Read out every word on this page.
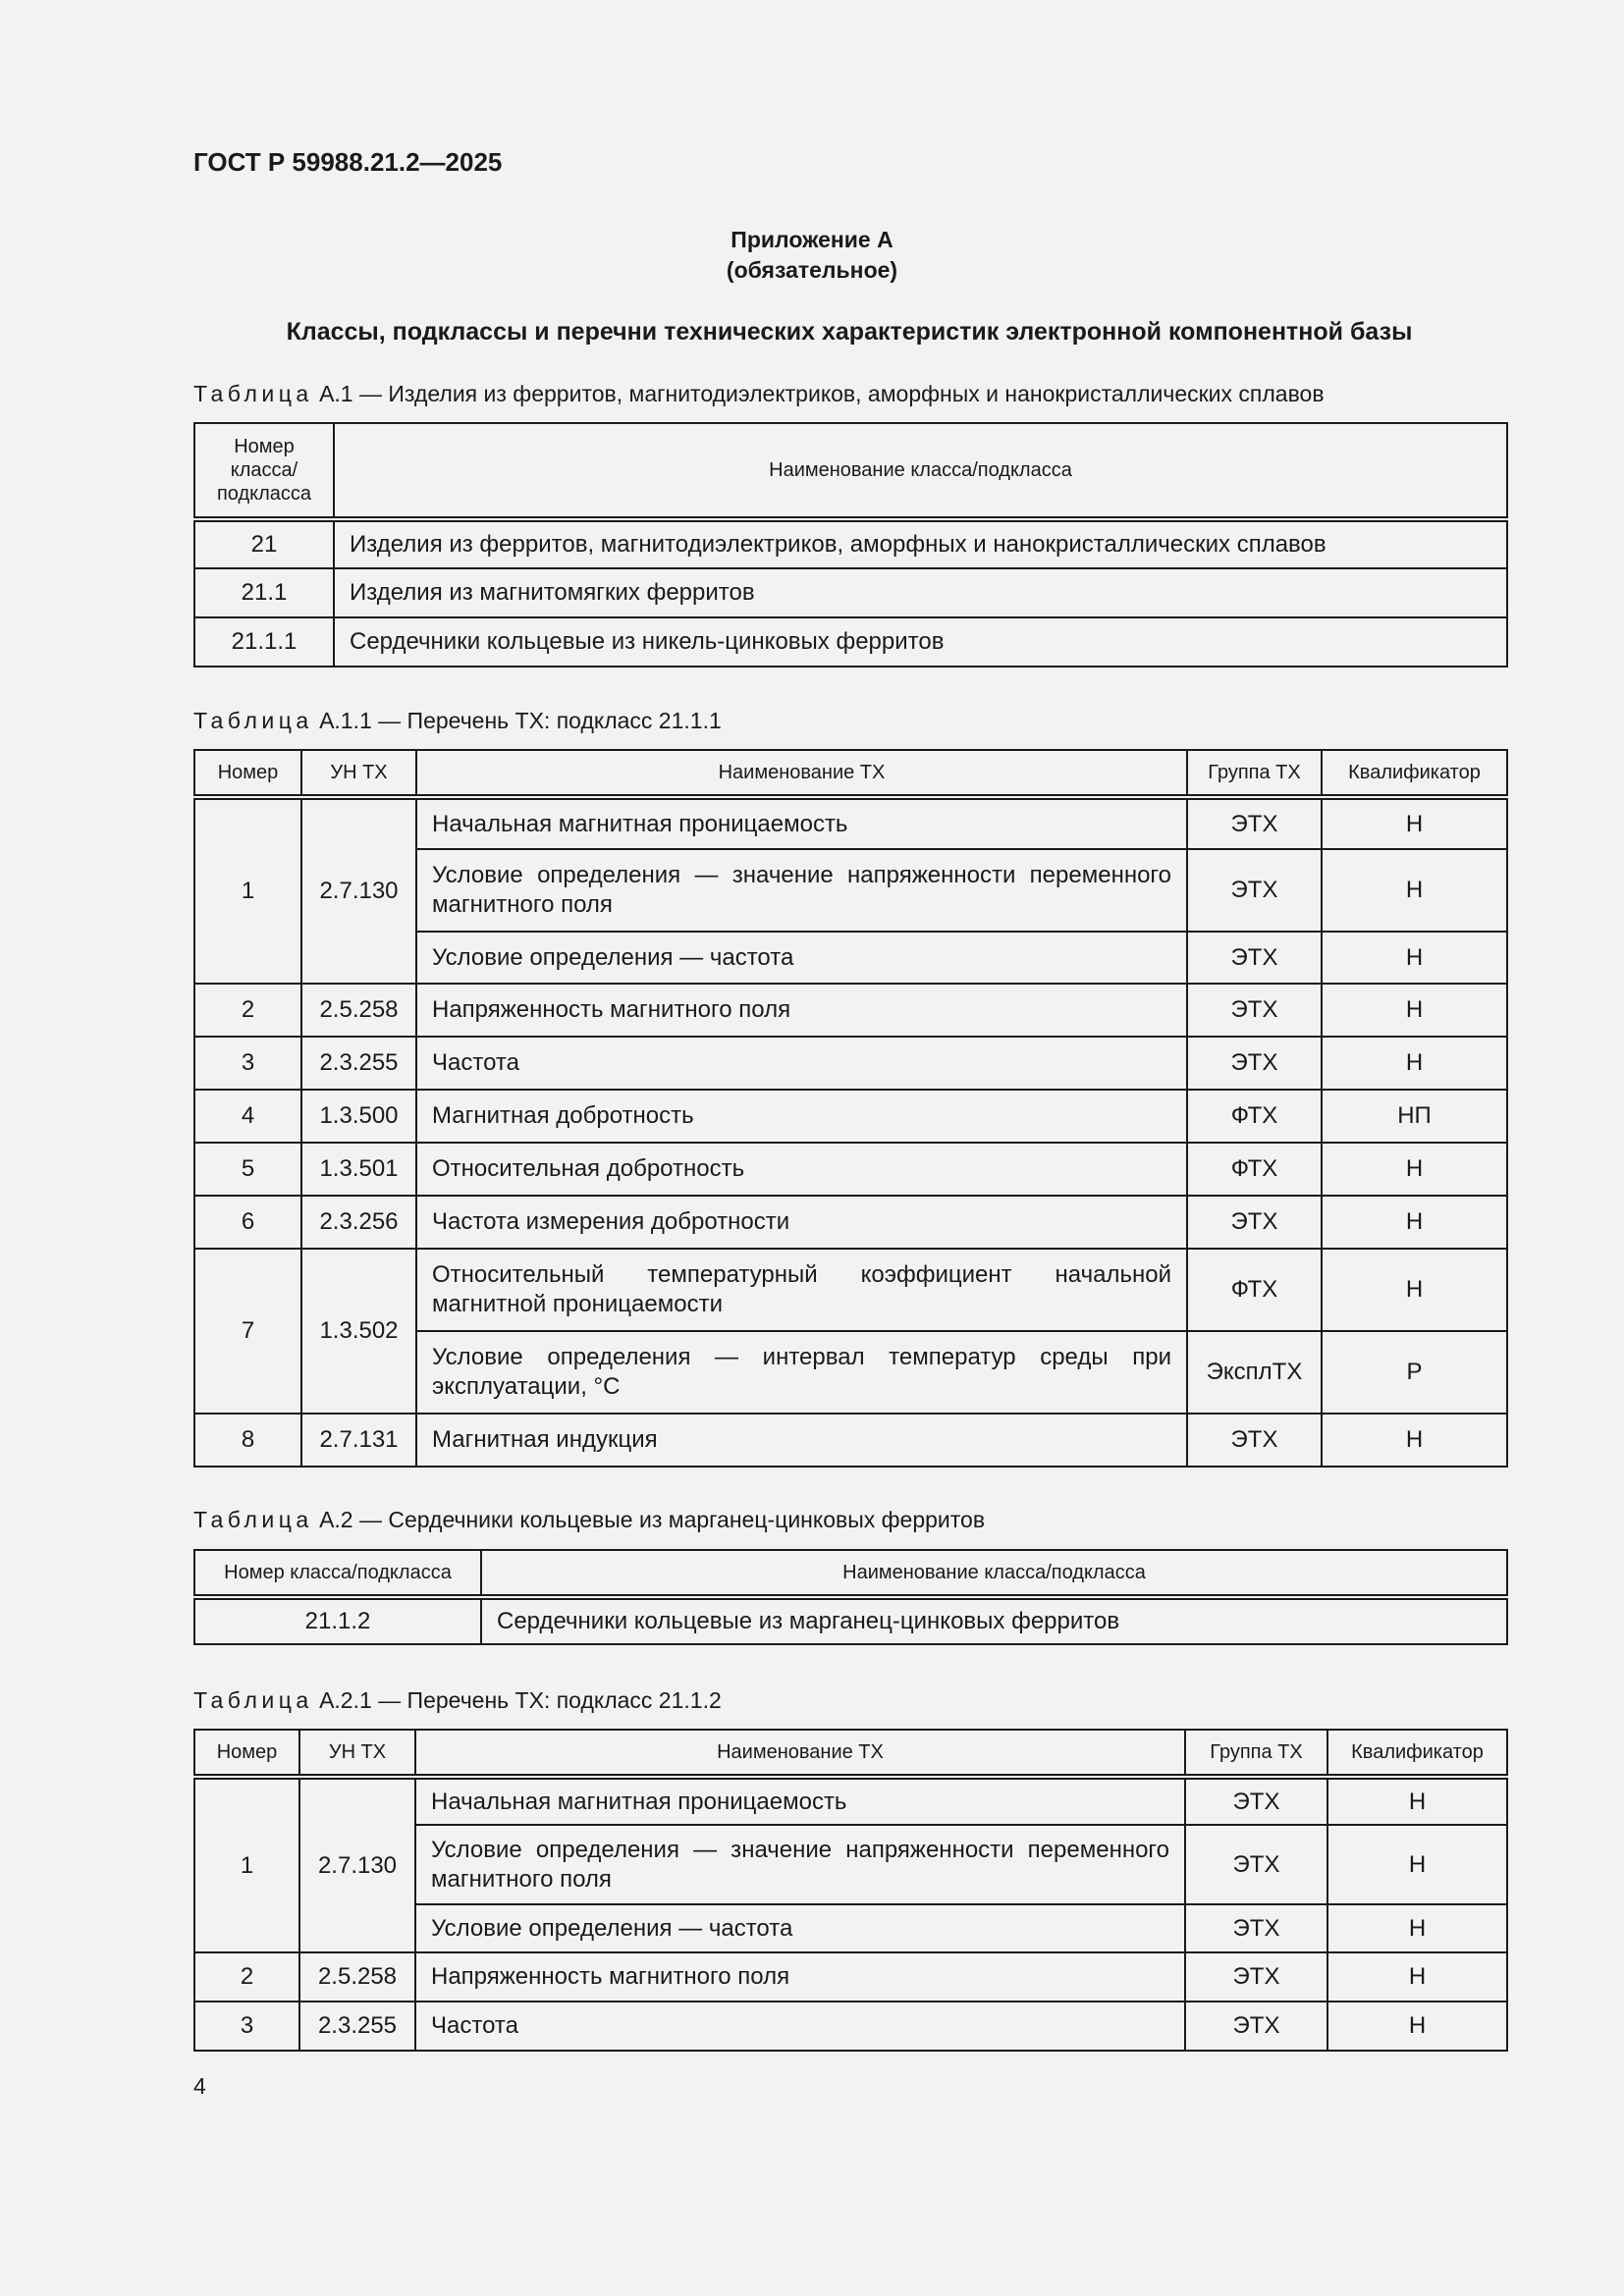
ГОСТ Р 59988.21.2—2025
Приложение А
(обязательное)
Классы, подклассы и перечни технических характеристик электронной компонентной базы
Таблица А.1 — Изделия из ферритов, магнитодиэлектриков, аморфных и нанокристаллических сплавов
Номер класса/ подкласса	Наименование класса/подкласса
21	Изделия из ферритов, магнитодиэлектриков, аморфных и нанокристаллических сплавов
21.1	Изделия из магнитомягких ферритов
21.1.1	Сердечники кольцевые из никель-цинковых ферритов
Таблица А.1.1 — Перечень ТХ: подкласс 21.1.1
Номер	УН ТХ	Наименование ТХ	Группа ТХ	Квалификатор
1	2.7.130	Начальная магнитная проницаемость	ЭТХ	Н
		Условие определения — значение напряженности переменного магнитного поля	ЭТХ	Н
		Условие определения — частота	ЭТХ	Н
2	2.5.258	Напряженность магнитного поля	ЭТХ	Н
3	2.3.255	Частота	ЭТХ	Н
4	1.3.500	Магнитная добротность	ФТХ	НП
5	1.3.501	Относительная добротность	ФТХ	Н
6	2.3.256	Частота измерения добротности	ЭТХ	Н
7	1.3.502	Относительный температурный коэффициент начальной магнитной проницаемости	ФТХ	Н
		Условие определения — интервал температур среды при эксплуатации, °С	ЭксплТХ	Р
8	2.7.131	Магнитная индукция	ЭТХ	Н
Таблица А.2 — Сердечники кольцевые из марганец-цинковых ферритов
Номер класса/подкласса	Наименование класса/подкласса
21.1.2	Сердечники кольцевые из марганец-цинковых ферритов
Таблица А.2.1 — Перечень ТХ: подкласс 21.1.2
Номер	УН ТХ	Наименование ТХ	Группа ТХ	Квалификатор
1	2.7.130	Начальная магнитная проницаемость	ЭТХ	Н
		Условие определения — значение напряженности переменного магнитного поля	ЭТХ	Н
		Условие определения — частота	ЭТХ	Н
2	2.5.258	Напряженность магнитного поля	ЭТХ	Н
3	2.3.255	Частота	ЭТХ	Н
4
